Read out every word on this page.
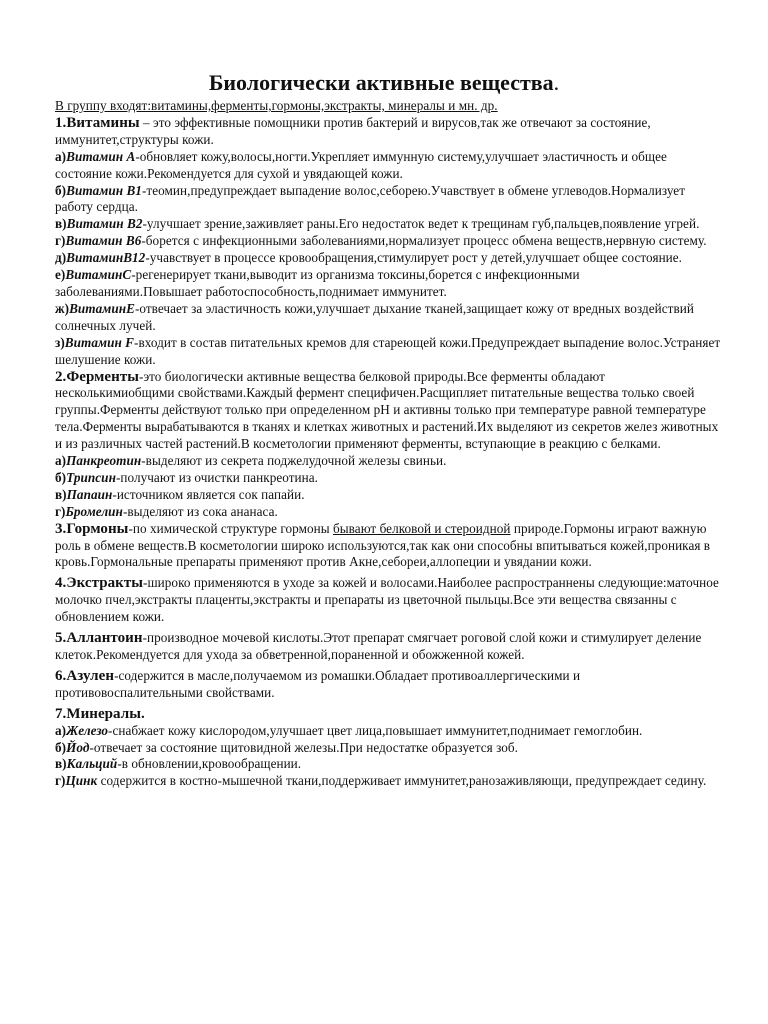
Биологически активные вещества.

В группу входят:витамины,ферменты,гормоны,экстракты, минералы и мн. др.

1.Витамины – это эффективные помощники против бактерий и вирусов,так же отвечают за состояние, иммунитет,структуры кожи.

а)Витамин А-обновляет кожу,волосы,ногти.Укрепляет иммунную систему,улучшает эластичность и общее состояние кожи.Рекомендуется для сухой и увядающей кожи.

б)Витамин В1-теомин,предупреждает выпадение волос,себорею.Учавствует в обмене углеводов.Нормализует работу сердца.

в)Витамин В2-улучшает зрение,заживляет раны.Его недостаток ведет к трещинам губ,пальцев,появление угрей.

г)Витамин В6-борется с инфекционными заболеваниями,нормализует процесс обмена веществ,нервную систему.

д)ВитаминВ12-учавствует в процессе кровообращения,стимулирует рост у детей,улучшает общее состояние.

е)ВитаминС-регенерирует ткани,выводит из организма токсины,борется с инфекционными заболеваниями.Повышает работоспособность,поднимает иммунитет.

ж)ВитаминЕ-отвечает за эластичность кожи,улучшает дыхание тканей,защищает кожу от вредных воздействий солнечных лучей.

з)Витамин F-входит в состав питательных кремов для стареющей кожи.Предупреждает выпадение волос.Устраняет шелушение кожи.

2.Ферменты-это биологически активные вещества белковой природы.Все ферменты обладают несколькимиобщими свойствами.Каждый фермент специфичен.Расщипляет питательные вещества только своей группы.Ферменты действуют только при определенном pH и активны только при температуре равной температуре тела.Ферменты вырабатываются в тканях и клетках животных и растений.Их выделяют из секретов желез животных и из различных частей растений.В косметологии применяют ферменты, вступающие в реакцию с белками.

а)Панкреотин-выделяют из секрета поджелудочной железы свиньи.

б)Трипсин-получают из очистки панкреотина.

в)Папаин-источником является сок папайи.

г)Бромелин-выделяют из сока ананаса.

3.Гормоны-по химической структуре гормоны бывают белковой и стероидной природе.Гормоны играют важную роль в обмене веществ.В косметологии широко используются,так как они способны впитываться кожей,проникая в кровь.Гормональные препараты применяют против Акне,себореи,аллопеции и увядании кожи.

4.Экстракты-широко применяются в уходе за кожей и волосами.Наиболее распространнены следующие:маточное молочко пчел,экстракты плаценты,экстракты и препараты из цветочной пыльцы.Все эти вещества связанны с обновлением кожи.

5.Аллантоин-производное мочевой кислоты.Этот препарат смягчает роговой слой кожи и стимулирует деление клеток.Рекомендуется для ухода за обветренной,пораненной и обожженной кожей.

6.Азулен-содержится в масле,получаемом из ромашки.Обладает противоаллергическими и противовоспалительными свойствами.

7.Минералы.

а)Железо-снабжает кожу кислородом,улучшает цвет лица,повышает иммунитет,поднимает гемоглобин.

б)Йод-отвечает за состояние щитовидной железы.При недостатке образуется зоб.

в)Кальций-в обновлении,кровообращении.

г)Цинк содержится в костно-мышечной ткани,поддерживает иммунитет,ранозаживляющи, предупреждает седину.
